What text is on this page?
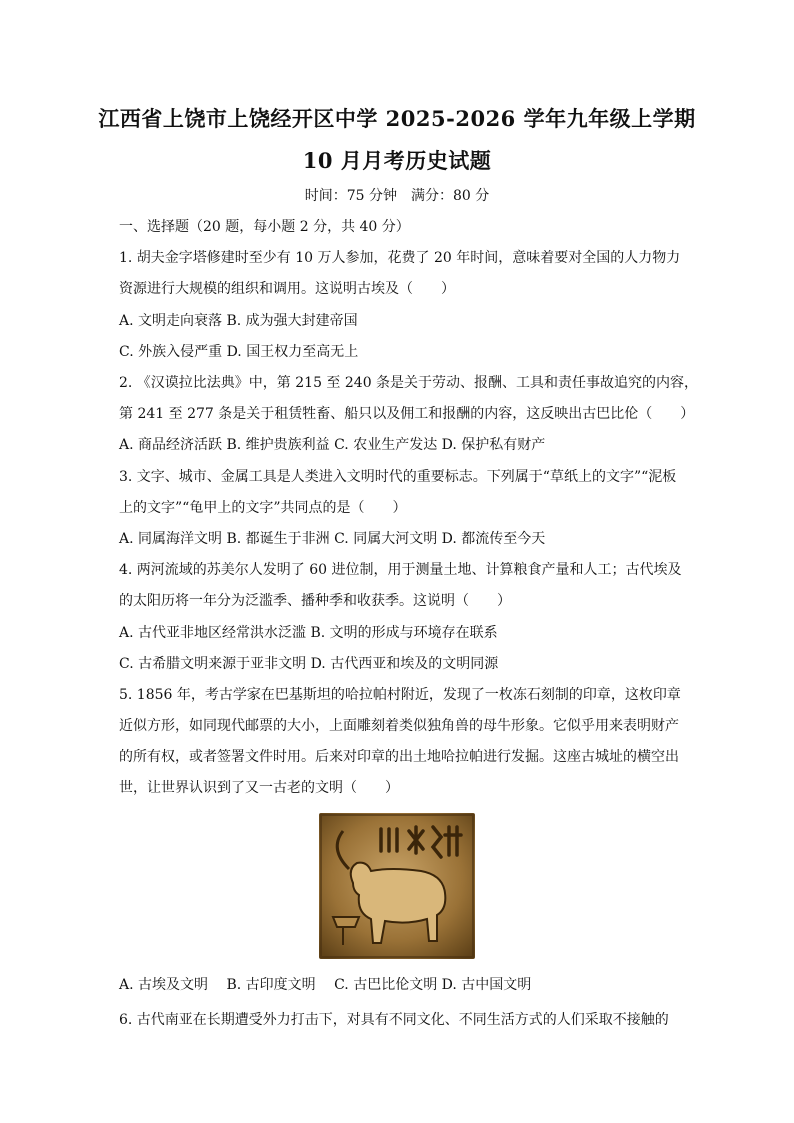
江西省上饶市上饶经开区中学 2025-2026 学年九年级上学期
10 月月考历史试题
时间：75 分钟　满分：80 分
一、选择题（20 题，每小题 2 分，共 40 分）
1. 胡夫金字塔修建时至少有 10 万人参加，花费了 20 年时间，意味着要对全国的人力物力
资源进行大规模的组织和调用。这说明古埃及（　　）
A. 文明走向衰落 B. 成为强大封建帝国
C. 外族入侵严重 D. 国王权力至高无上
2. 《汉谟拉比法典》中，第 215 至 240 条是关于劳动、报酬、工具和责任事故追究的内容，
第 241 至 277 条是关于租赁牲畜、船只以及佣工和报酬的内容，这反映出古巴比伦（　　）
A. 商品经济活跃 B. 维护贵族利益 C. 农业生产发达 D. 保护私有财产
3. 文字、城市、金属工具是人类进入文明时代的重要标志。下列属于“草纸上的文字”“泥板
上的文字”“龟甲上的文字”共同点的是（　　）
A. 同属海洋文明 B. 都诞生于非洲 C. 同属大河文明 D. 都流传至今天
4. 两河流域的苏美尔人发明了 60 进位制，用于测量土地、计算粮食产量和人工；古代埃及
的太阳历将一年分为泛滥季、播种季和收获季。这说明（　　）
A. 古代亚非地区经常洪水泛滥 B. 文明的形成与环境存在联系
C. 古希腊文明来源于亚非文明 D. 古代西亚和埃及的文明同源
5. 1856 年，考古学家在巴基斯坦的哈拉帕村附近，发现了一枚冻石刻制的印章，这枚印章
近似方形，如同现代邮票的大小，上面雕刻着类似独角兽的母牛形象。它似乎用来表明财产
的所有权，或者签署文件时用。后来对印章的出土地哈拉帕进行发掘。这座古城址的横空出
世，让世界认识到了又一古老的文明（　　）
A. 古埃及文明　 B. 古印度文明　 C. 古巴比伦文明 D. 古中国文明
6. 古代南亚在长期遭受外力打击下，对具有不同文化、不同生活方式的人们采取不接触的
